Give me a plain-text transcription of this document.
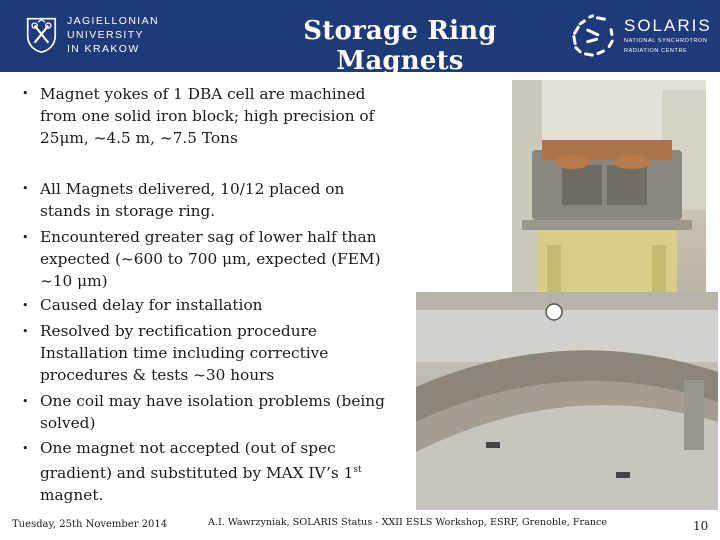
JAGIELLONIAN UNIVERSITY
IN KRAKOW
Storage Ring Magnets
SOLARIS
NATIONAL SYNCHROTRON
RADIATION CENTRE
• Magnet yokes of 1 DBA cell are machined
from one solid iron block; high precision of
25μm, ~4.5 m, ~7.5 Tons
• All Magnets delivered, 10/12 placed on
stands in storage ring.
• Encountered greater sag of lower half than
expected (~600 to 700 μm, expected (FEM)
~10 μm)
• Caused delay for installation
• Resolved by rectification procedure
Installation time including corrective
procedures & tests ~30 hours
• One coil may have isolation problems (being
solved)
• One magnet not accepted (out of spec
gradient) and substituted by MAX IV’s 1st
magnet.
Tuesday, 25th November 2014	A.I. Wawrzyniak, SOLARIS Status - XXII ESLS Workshop, ESRF, Grenoble, France	10
